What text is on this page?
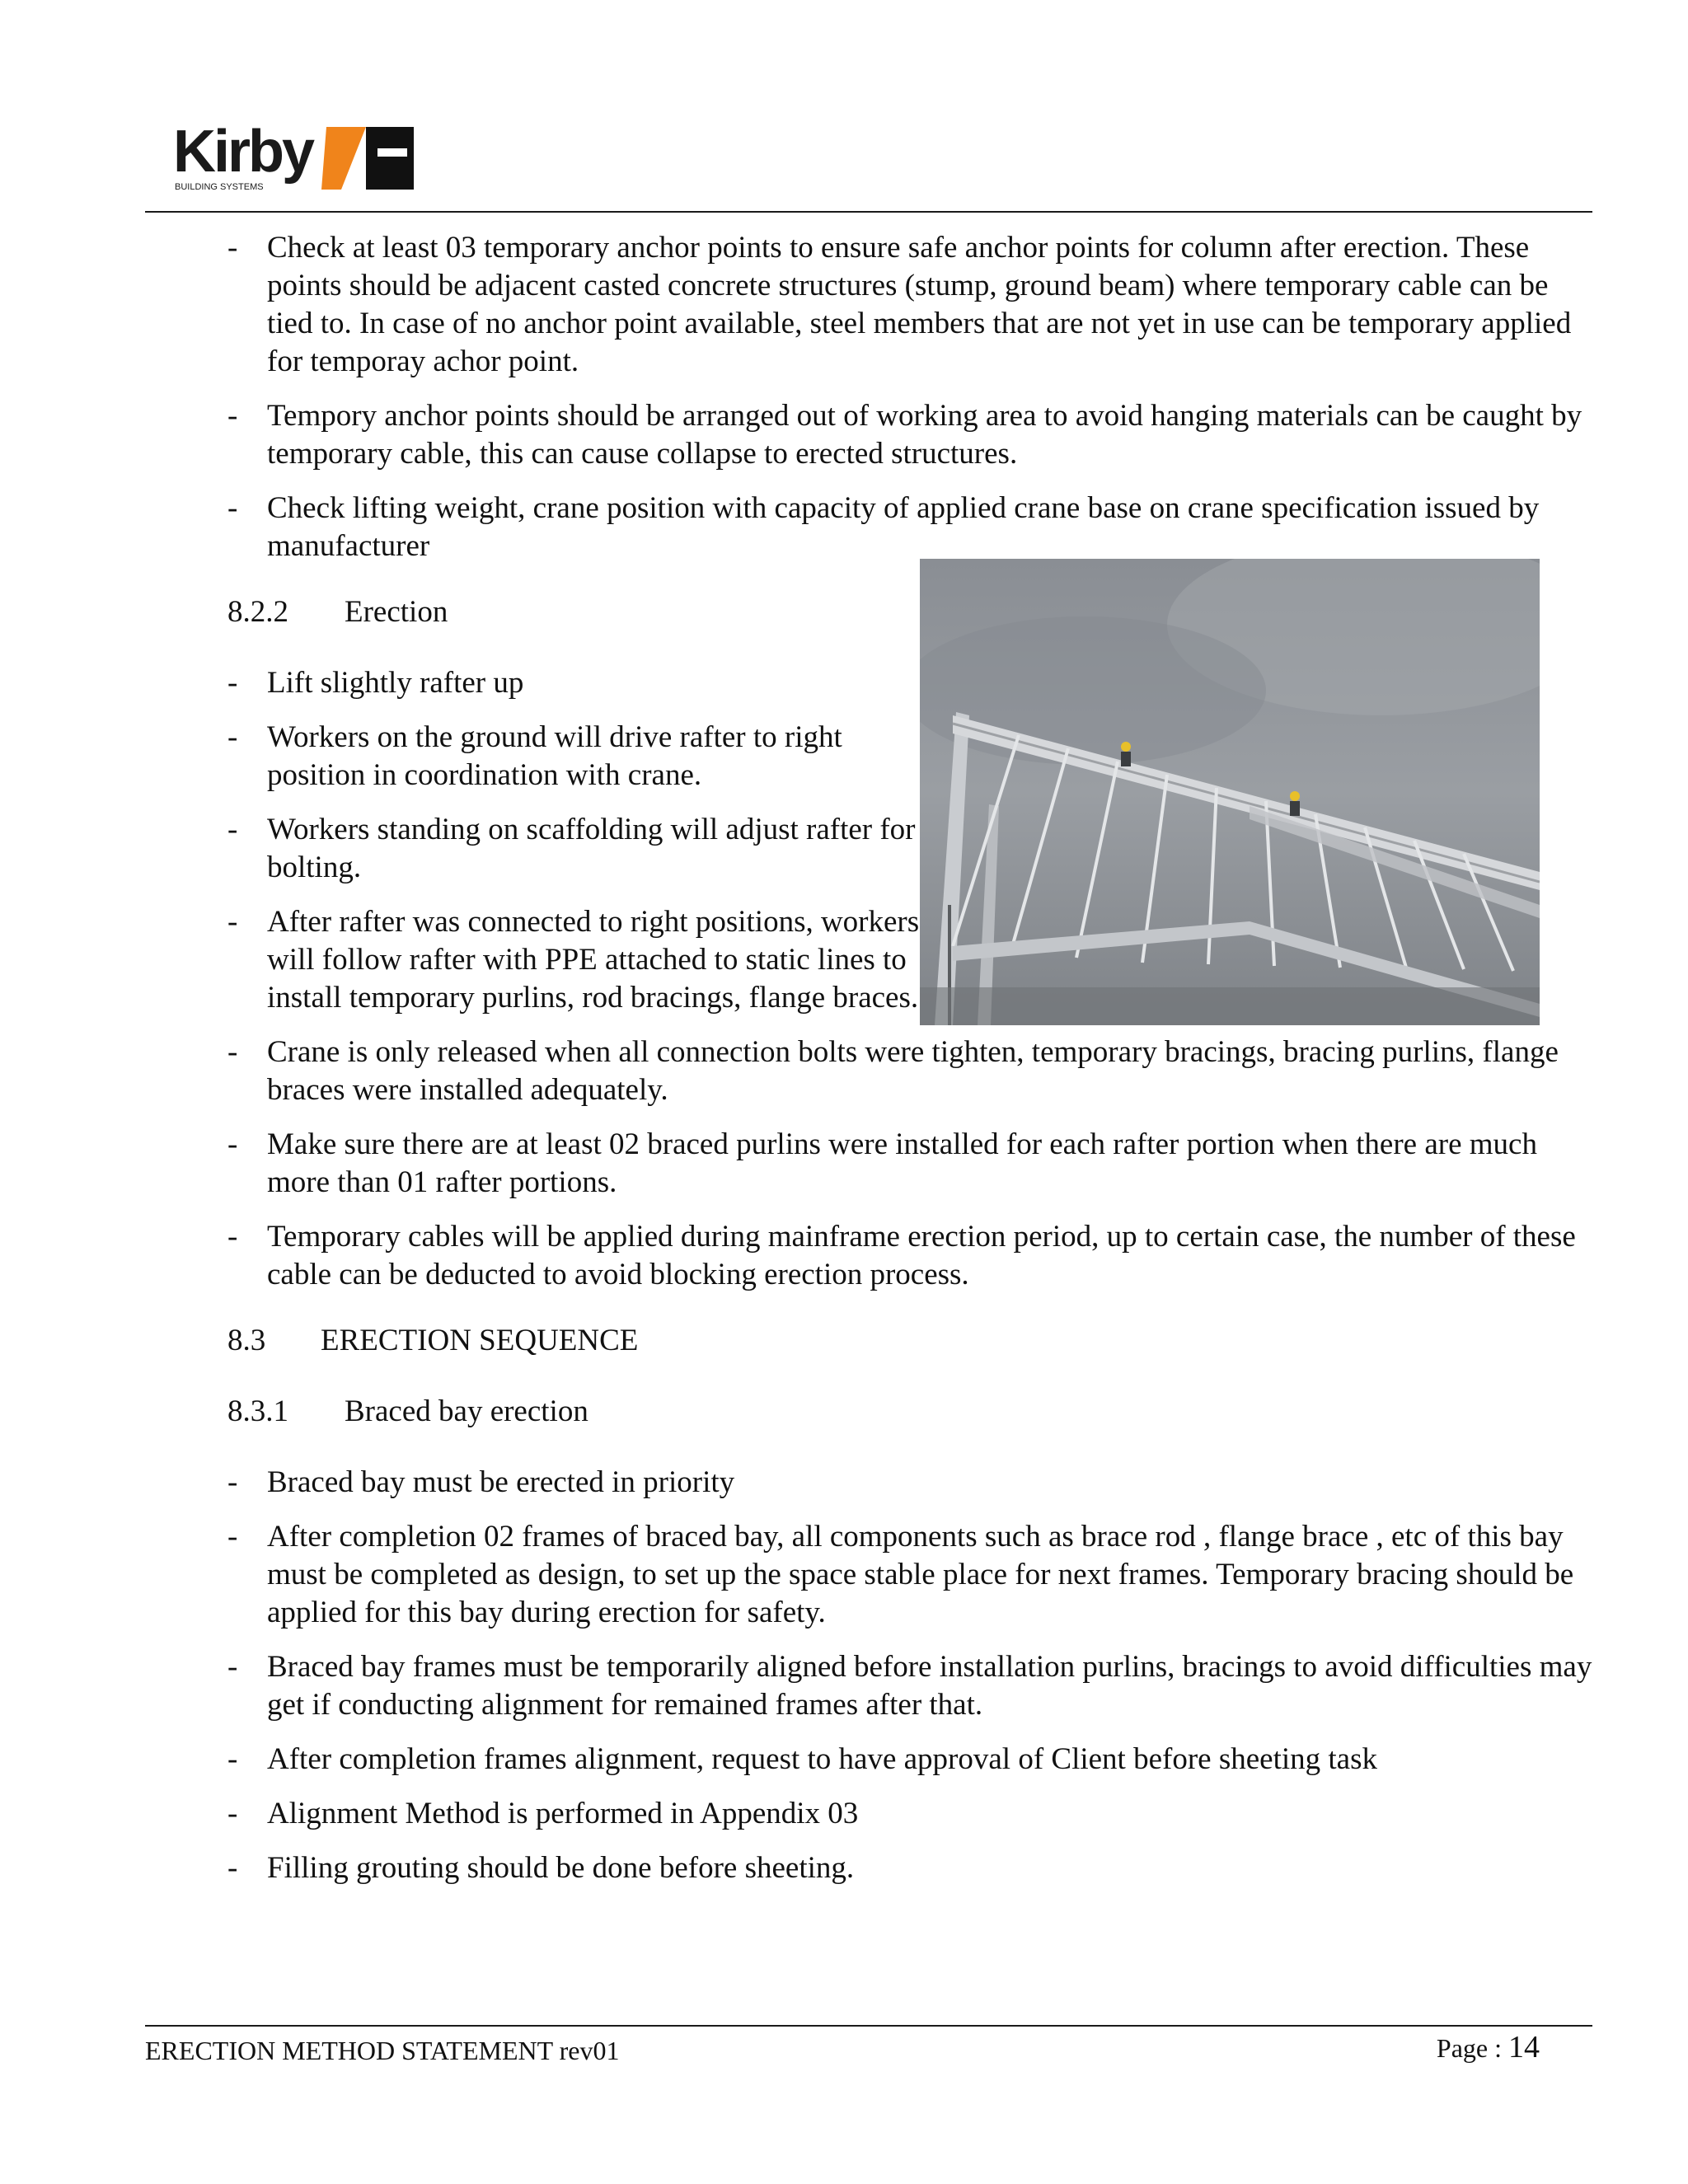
Kirby
BUILDING SYSTEMS
- Check at least 03 temporary anchor points to ensure safe anchor points for column after erection. These points should be adjacent casted concrete structures (stump, ground beam) where temporary cable can be tied to. In case of no anchor point available, steel members that are not yet in use can be temporary applied for temporay achor point.
- Tempory anchor points should be arranged out of working area to avoid hanging materials can be caught by temporary cable, this can cause collapse to erected structures.
- Check lifting weight, crane position with capacity of applied crane base on crane specification issued by manufacturer
8.2.2 Erection
- Lift slightly rafter up
- Workers on the ground will drive rafter to right position in coordination with crane.
- Workers standing on scaffolding will adjust rafter for bolting.
- After rafter was connected to right positions, workers will follow rafter with PPE attached to static lines to install temporary purlins, rod bracings, flange braces.
- Crane is only released when all connection bolts were tighten, temporary bracings, bracing purlins, flange braces were installed adequately.
- Make sure there are at least 02 braced purlins were installed for each rafter portion when there are much more than 01 rafter portions.
- Temporary cables will be applied during mainframe erection period, up to certain case, the number of these cable can be deducted to avoid blocking erection process.
8.3 ERECTION SEQUENCE
8.3.1 Braced bay erection
- Braced bay must be erected in priority
- After completion 02 frames of braced bay, all components such as brace rod , flange brace , etc of this bay must be completed as design, to set up the space stable place for next frames. Temporary bracing should be applied for this bay during erection for safety.
- Braced bay frames must be temporarily aligned before installation purlins, bracings to avoid difficulties may get if conducting alignment for remained frames after that.
- After completion frames alignment, request to have approval of Client before sheeting task
- Alignment Method is performed in Appendix 03
- Filling grouting should be done before sheeting.
ERECTION METHOD STATEMENT rev01	Page : 14
